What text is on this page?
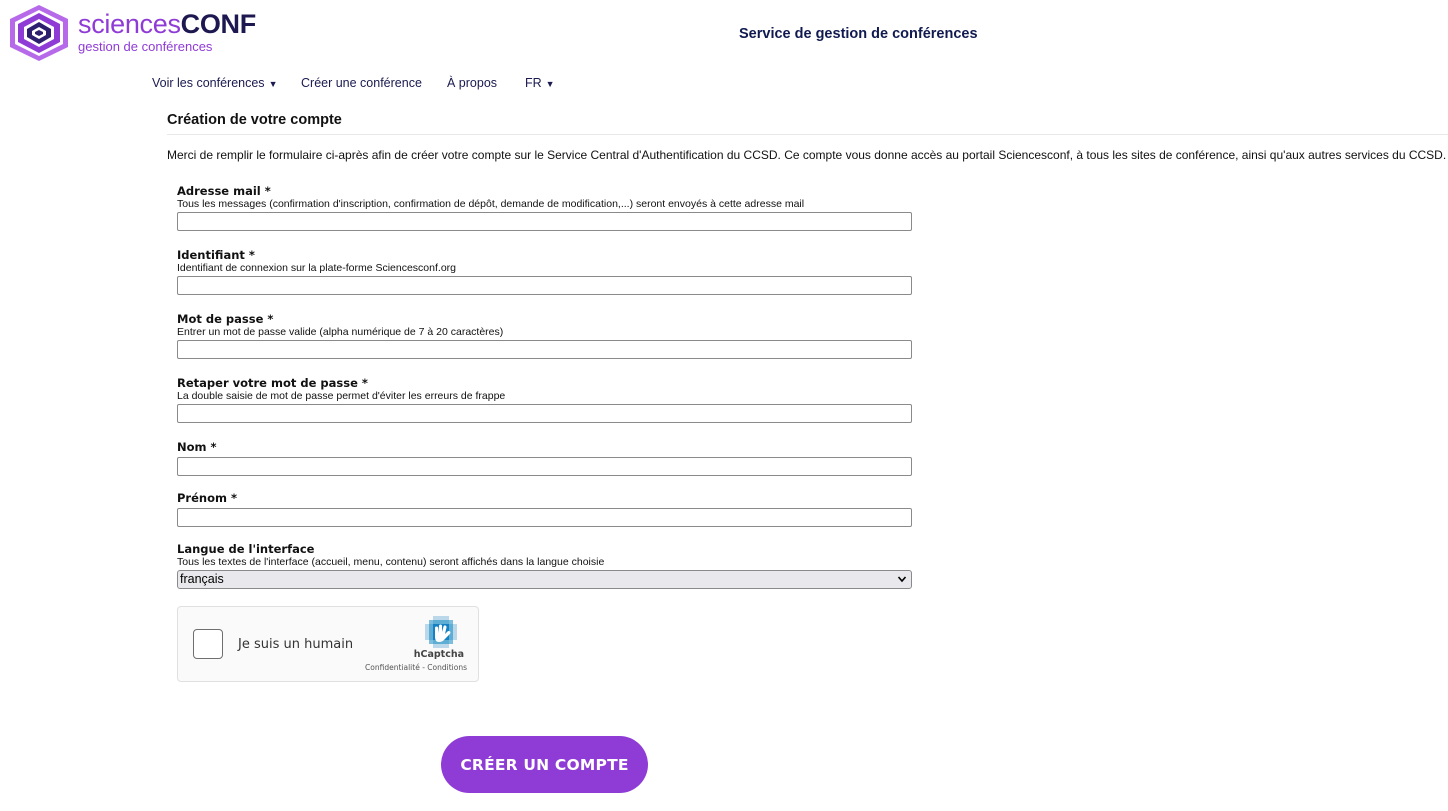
sciencesCONF
gestion de conférences
Service de gestion de conférences
Voir les conférences ▼ Créer une conférence À propos FR ▼
Création de votre compte
Merci de remplir le formulaire ci-après afin de créer votre compte sur le Service Central d'Authentification du CCSD. Ce compte vous donne accès au portail Sciencesconf, à tous les sites de conférence, ainsi qu'aux autres services du CCSD.
Adresse mail *
Tous les messages (confirmation d'inscription, confirmation de dépôt, demande de modification,...) seront envoyés à cette adresse mail
Identifiant *
Identifiant de connexion sur la plate-forme Sciencesconf.org
Mot de passe *
Entrer un mot de passe valide (alpha numérique de 7 à 20 caractères)
Retaper votre mot de passe *
La double saisie de mot de passe permet d'éviter les erreurs de frappe
Nom *
Prénom *
Langue de l'interface
Tous les textes de l'interface (accueil, menu, contenu) seront affichés dans la langue choisie
français
Je suis un humain
hCaptcha
Confidentialité - Conditions
CRÉER UN COMPTE
